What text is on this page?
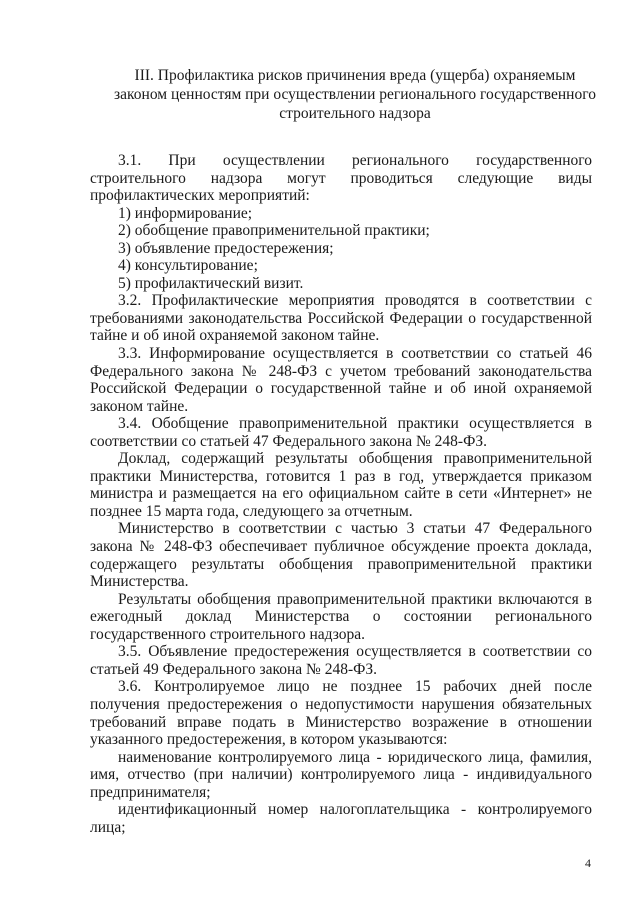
III. Профилактика рисков причинения вреда (ущерба) охраняемым законом ценностям при осуществлении регионального государственного строительного надзора

3.1. При осуществлении регионального государственного строительного надзора могут проводиться следующие виды профилактических мероприятий:

1) информирование;

2) обобщение правоприменительной практики;

3) объявление предостережения;

4) консультирование;

5) профилактический визит.

3.2. Профилактические мероприятия проводятся в соответствии с требованиями законодательства Российской Федерации о государственной тайне и об иной охраняемой законом тайне.

3.3. Информирование осуществляется в соответствии со статьей 46 Федерального закона № 248-ФЗ с учетом требований законодательства Российской Федерации о государственной тайне и об иной охраняемой законом тайне.

3.4. Обобщение правоприменительной практики осуществляется в соответствии со статьей 47 Федерального закона № 248-ФЗ.

Доклад, содержащий результаты обобщения правоприменительной практики Министерства, готовится 1 раз в год, утверждается приказом министра и размещается на его официальном сайте в сети «Интернет» не позднее 15 марта года, следующего за отчетным.

Министерство в соответствии с частью 3 статьи 47 Федерального закона № 248-ФЗ обеспечивает публичное обсуждение проекта доклада, содержащего результаты обобщения правоприменительной практики Министерства.

Результаты обобщения правоприменительной практики включаются в ежегодный доклад Министерства о состоянии регионального государственного строительного надзора.

3.5. Объявление предостережения осуществляется в соответствии со статьей 49 Федерального закона № 248-ФЗ.

3.6. Контролируемое лицо не позднее 15 рабочих дней после получения предостережения о недопустимости нарушения обязательных требований вправе подать в Министерство возражение в отношении указанного предостережения, в котором указываются:

наименование контролируемого лица - юридического лица, фамилия, имя, отчество (при наличии) контролируемого лица - индивидуального предпринимателя;

идентификационный номер налогоплательщика - контролируемого лица;

4
